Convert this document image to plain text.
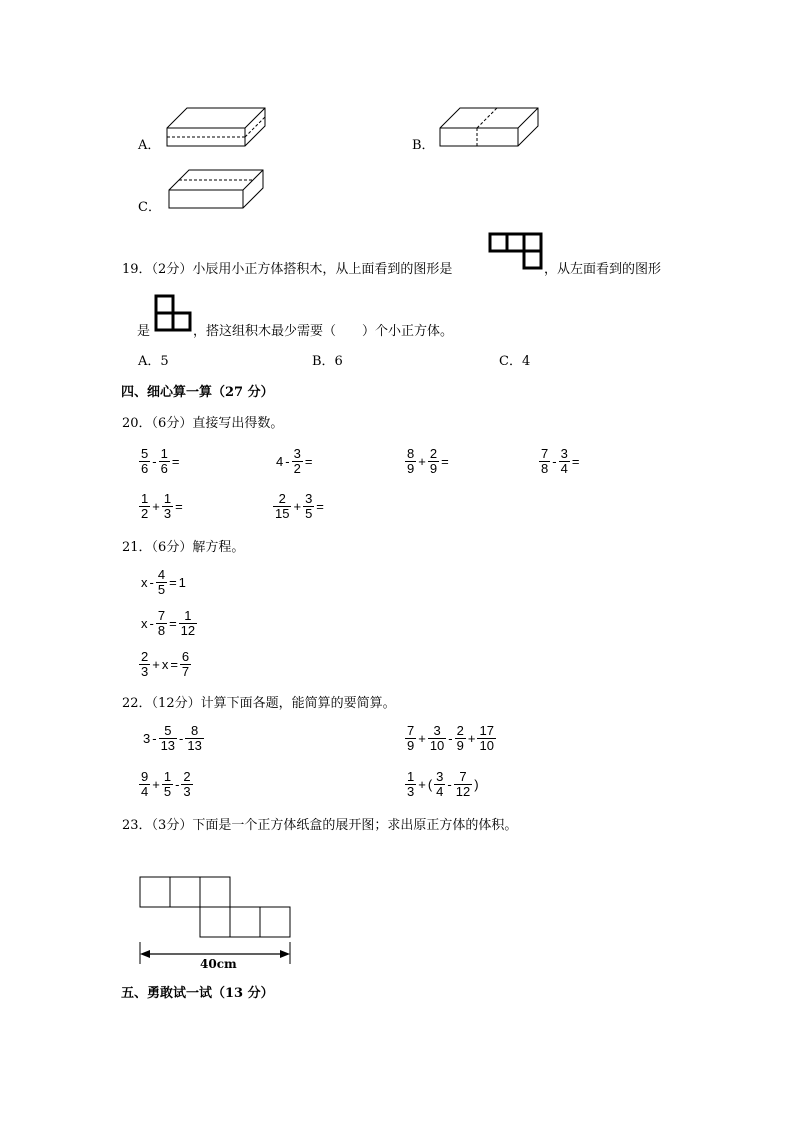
A．	B．
C．
19．（2分）小辰用小正方体搭积木，从上面看到的图形是	，从左面看到的图形
是	，搭这组积木最少需要（　　）个小正方体。
A．5	B．6	C．4
四、细心算一算（27 分）
20．（6分）直接写出得数。
$\frac{5}{6} - \frac{1}{6}$ =	$4 - \frac{3}{2}$ =	$\frac{8}{9} + \frac{2}{9}$ =	$\frac{7}{8} - \frac{3}{4}$ =
$\frac{1}{2} + \frac{1}{3}$ =	$\frac{2}{15} + \frac{3}{5}$ =
21．（6分）解方程。
$x - \frac{4}{5} = 1$
$x - \frac{7}{8} = \frac{1}{12}$
$\frac{2}{3} + x = \frac{6}{7}$
22．（12分）计算下面各题，能简算的要简算。
$3 - \frac{5}{13} - \frac{8}{13}$	$\frac{7}{9} + \frac{3}{10} - \frac{2}{9} + \frac{17}{10}$
$\frac{9}{4} + \frac{1}{5} - \frac{2}{3}$	$\frac{1}{3}$ + ( $\frac{3}{4} - \frac{7}{12}$ )
23．（3分）下面是一个正方体纸盒的展开图；求出原正方体的体积。
40cm
五、勇敢试一试（13 分）
